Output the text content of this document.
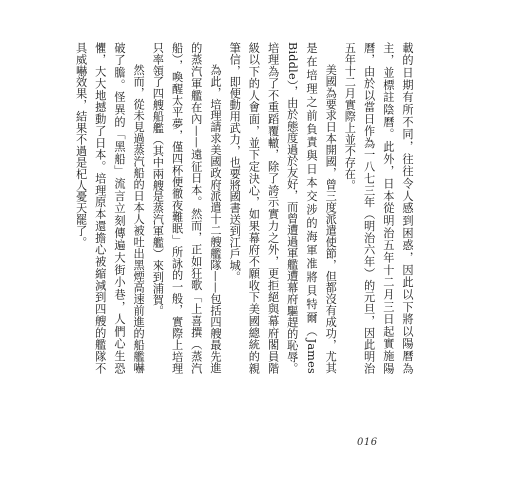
載的日期有所不同，往往令人感到困惑，因此以下將以陽曆為主，並標註陰曆。此外，日本從明治五年十二月三日起實施陽曆，由於以當日作為一八七三年（明治六年）的元旦，因此明治五年十二月實際上並不存在。

美國為要求日本開國，曾三度派遣使節，但都沒有成功，尤其是在培理之前負責與日本交涉的海軍准將貝特爾（James Biddle），由於態度過於友好，而曾遭過軍艦遭幕府驅趕的恥辱。培理為了不重蹈覆轍，除了誇示實力之外，更拒絕與幕府閣員階級以下的人會面，並下定決心，如果幕府不願收下美國總統的親筆信，即便動用武力，也要將國書送到江戶城。

為此，培理請求美國政府派遣十二艘艦隊——包括四艘最先進的蒸汽軍艦在內——遠征日本。然而，正如狂歌「上喜撰（蒸汽船），喚醒太平夢，僅四杯便徹夜難眠」所詠的一般，實際上培理只率領了四艘船艦（其中兩艘是蒸汽軍艦）來到浦賀。

然而，從未見過蒸汽船的日本人被吐出黑煙高速前進的船艦嚇破了膽。怪異的「黑船」流言立刻傳遍大街小巷，人們心生恐懼，大大地撼動了日本。培理原本還擔心被縮減到四艘的艦隊不具威嚇效果，結果不過是杞人憂天罷了。

016
